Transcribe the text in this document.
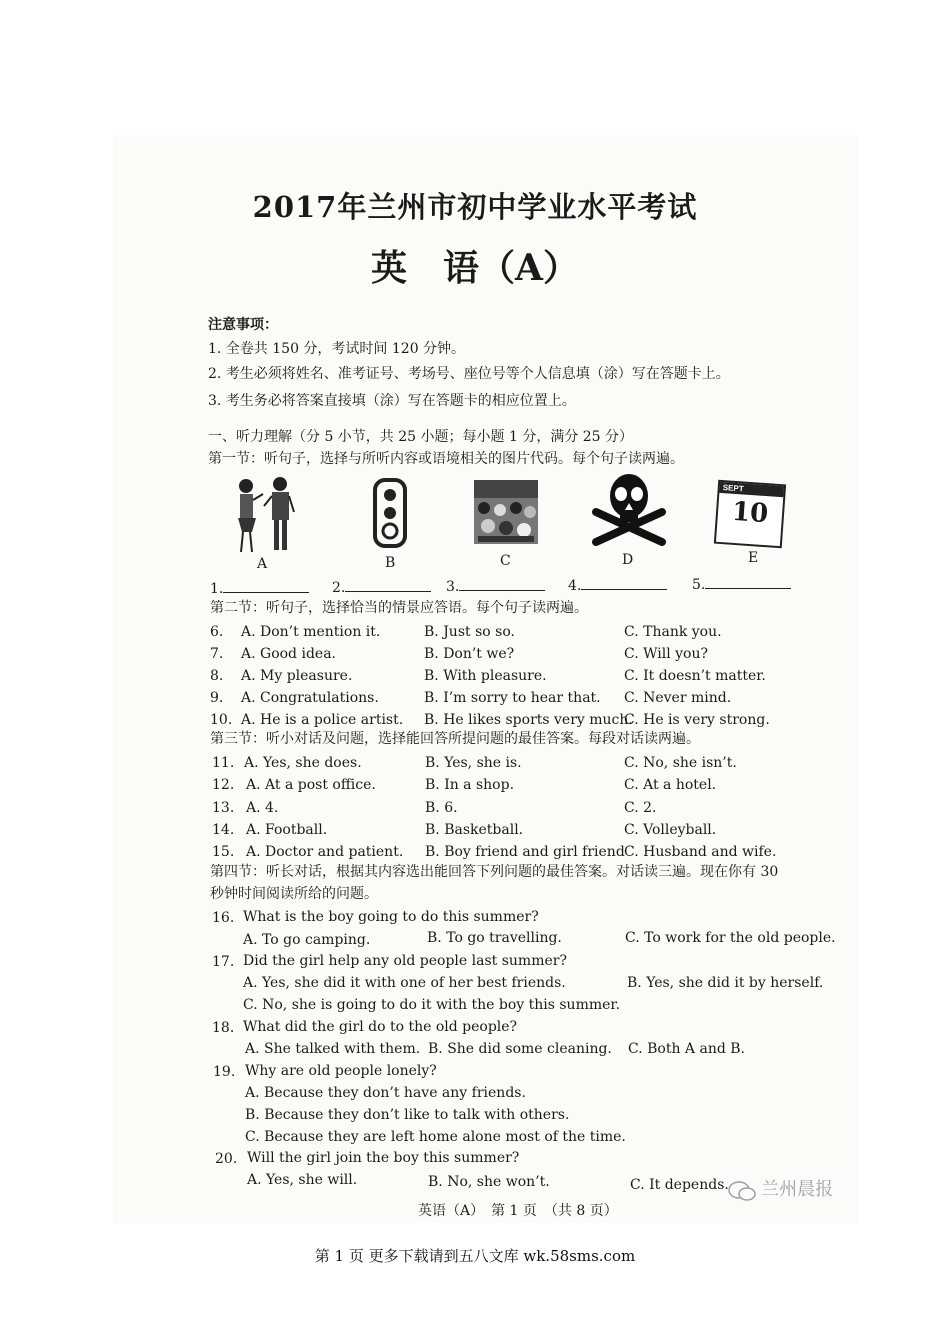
2017年兰州市初中学业水平考试
英　语（A）
注意事项：
1. 全卷共 150 分，考试时间 120 分钟。
2. 考生必须将姓名、准考证号、考场号、座位号等个人信息填（涂）写在答题卡上。
3. 考生务必将答案直接填（涂）写在答题卡的相应位置上。
一、听力理解（分 5 小节，共 25 小题；每小题 1 分，满分 25 分）
第一节：听句子，选择与所听内容或语境相关的图片代码。每个句子读两遍。
SEPT
10
A	B	C	D	E
1.	2.	3.	4.	5.
第二节：听句子，选择恰当的情景应答语。每个句子读两遍。
6. A. Don’t mention it.	B. Just so so.	C. Thank you.
7. A. Good idea.	B. Don’t we?	C. Will you?
8. A. My pleasure.	B. With pleasure.	C. It doesn’t matter.
9. A. Congratulations.	B. I’m sorry to hear that. C. Never mind.
10. A. He is a police artist. B. He likes sports very much.
C. He is very strong.
第三节：听小对话及问题，选择能回答所提问题的最佳答案。每段对话读两遍。
11. A. Yes, she does.	B. Yes, she is.	C. No, she isn’t.
12. A. At a post office.	B. In a shop.	C. At a hotel.
13. A. 4.	B. 6.	C. 2.
14. A. Football.	B. Basketball.	C. Volleyball.
15. A. Doctor and patient. B. Boy friend and girl friend C. Husband and wife.
第四节：听长对话，根据其内容选出能回答下列问题的最佳答案。对话读三遍。现在你有 30
秒钟时间阅读所给的问题。
16. What is the boy going to do this summer?
A. To go camping.	B. To go travelling.	C. To work for the old people.
17. Did the girl help any old people last summer?
A. Yes, she did it with one of her best friends.	B. Yes, she did it by herself.
C. No, she is going to do it with the boy this summer.
18. What did the girl do to the old people?
A. She talked with them. B. She did some cleaning. C. Both A and B.
19. Why are old people lonely?
A. Because they don’t have any friends.
B. Because they don’t like to talk with others.
C. Because they are left home alone most of the time.
20. Will the girl join the boy this summer?
A. Yes, she will.	B. No, she won’t.	C. It depends.	兰州晨报
英语（A）　第 1 页　（共 8 页）
第 1 页 更多下载请到五八文库 wk.58sms.com
